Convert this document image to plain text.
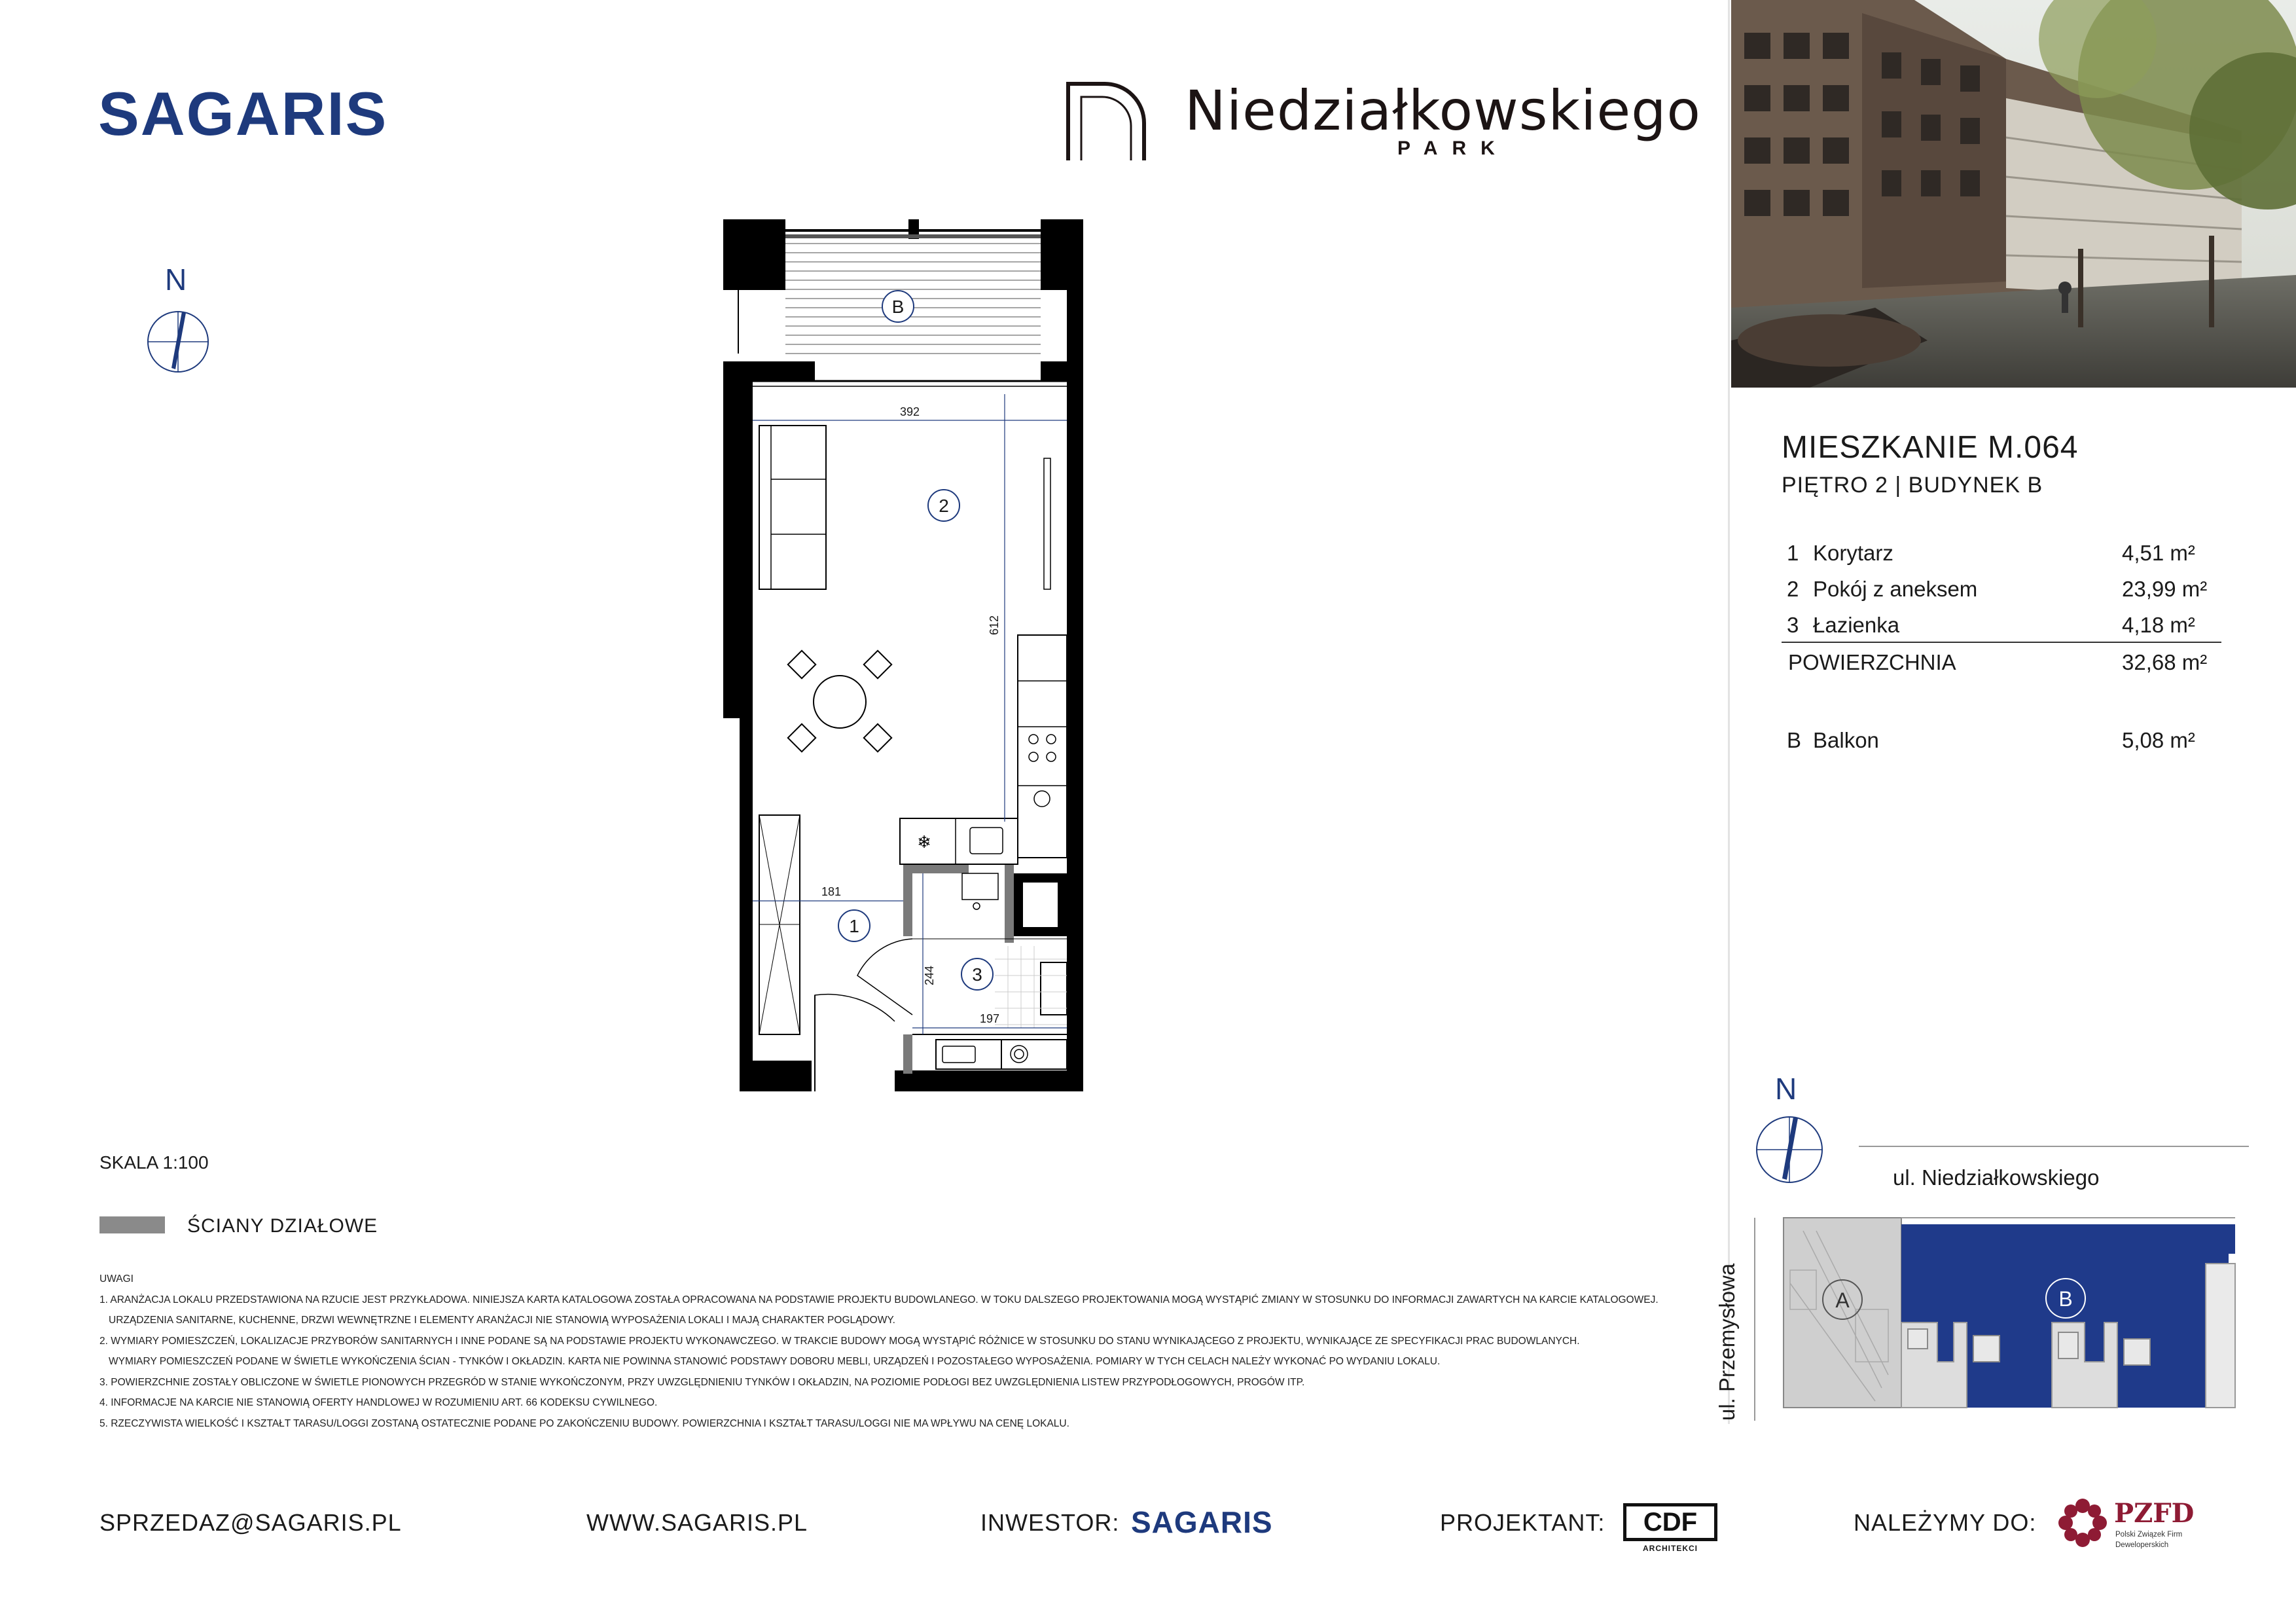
SAGARIS	Niedziałkowskiego
PARK
N
B
❄
392
612
181
244
197
2
1
3
MIESZKANIE M.064
PIĘTRO 2 | BUDYNEK B
1 Korytarz	4,51 m²
2 Pokój z aneksem	23,99 m²
3 Łazienka	4,18 m²
POWIERZCHNIA	32,68 m²
B Balkon	5,08 m²
N
ul. Niedziałkowskiego
ul. Przemysłowa	A	B
SKALA 1:100
ŚCIANY DZIAŁOWE
UWAGI
1. ARANŻACJA LOKALU PRZEDSTAWIONA NA RZUCIE JEST PRZYKŁADOWA. NINIEJSZA KARTA KATALOGOWA ZOSTAŁA OPRACOWANA NA PODSTAWIE PROJEKTU BUDOWLANEGO. W TOKU DALSZEGO PROJEKTOWANIA MOGĄ WYSTĄPIĆ ZMIANY W STOSUNKU DO INFORMACJI ZAWARTYCH NA KARCIE KATALOGOWEJ.
URZĄDZENIA SANITARNE, KUCHENNE, DRZWI WEWNĘTRZNE I ELEMENTY ARANŻACJI NIE STANOWIĄ WYPOSAŻENIA LOKALI I MAJĄ CHARAKTER POGLĄDOWY.
2. WYMIARY POMIESZCZEŃ, LOKALIZACJE PRZYBORÓW SANITARNYCH I INNE PODANE SĄ NA PODSTAWIE PROJEKTU WYKONAWCZEGO. W TRAKCIE BUDOWY MOGĄ WYSTĄPIĆ RÓŻNICE W STOSUNKU DO STANU WYNIKAJĄCEGO Z PROJEKTU, WYNIKAJĄCE ZE SPECYFIKACJI PRAC BUDOWLANYCH.
WYMIARY POMIESZCZEŃ PODANE W ŚWIETLE WYKOŃCZENIA ŚCIAN - TYNKÓW I OKŁADZIN. KARTA NIE POWINNA STANOWIĆ PODSTAWY DOBORU MEBLI, URZĄDZEŃ I POZOSTAŁEGO WYPOSAŻENIA. POMIARY W TYCH CELACH NALEŻY WYKONAĆ PO WYDANIU LOKALU.
3. POWIERZCHNIE ZOSTAŁY OBLICZONE W ŚWIETLE PIONOWYCH PRZEGRÓD W STANIE WYKOŃCZONYM, PRZY UWZGLĘDNIENIU TYNKÓW I OKŁADZIN, NA POZIOMIE PODŁOGI BEZ UWZGLĘDNIENIA LISTEW PRZYPODŁOGOWYCH, PROGÓW ITP.
4. INFORMACJE NA KARCIE NIE STANOWIĄ OFERTY HANDLOWEJ W ROZUMIENIU ART. 66 KODEKSU CYWILNEGO.
5. RZECZYWISTA WIELKOŚĆ I KSZTAŁT TARASU/LOGGI ZOSTANĄ OSTATECZNIE PODANE PO ZAKOŃCZENIU BUDOWY. POWIERZCHNIA I KSZTAŁT TARASU/LOGGI NIE MA WPŁYWU NA CENĘ LOKALU.
SPRZEDAZ@SAGARIS.PL	WWW.SAGARIS.PL	INWESTOR: SAGARIS	PROJEKTANT:	CDF
ARCHITEKCI
NALEŻYMY DO:	PZFD
Polski Związek Firm Deweloperskich
